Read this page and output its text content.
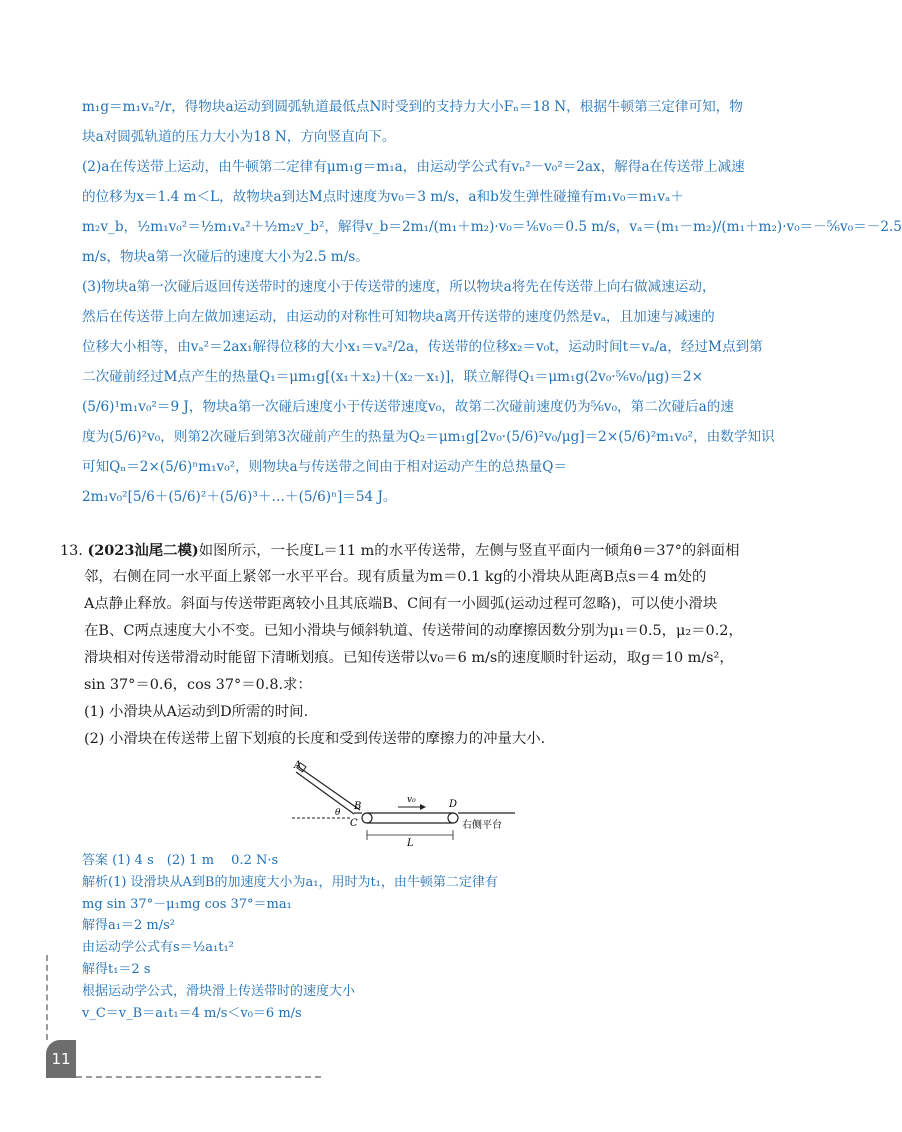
m₁g＝m₁vₙ²/r，得物块a运动到圆弧轨道最低点N时受到的支持力大小Fₙ＝18 N，根据牛顿第三定律可知，物
块a对圆弧轨道的压力大小为18 N，方向竖直向下。
(2)a在传送带上运动，由牛顿第二定律有μm₁g＝m₁a，由运动学公式有vₙ²－v₀²＝2ax，解得a在传送带上减速
的位移为x＝1.4 m＜L，故物块a到达M点时速度为v₀＝3 m/s，a和b发生弹性碰撞有m₁v₀＝m₁vₐ＋
m₂v_b，½m₁v₀²＝½m₁vₐ²＋½m₂v_b²，解得v_b＝2m₁/(m₁＋m₂)·v₀＝⅙v₀＝0.5 m/s，vₐ＝(m₁－m₂)/(m₁＋m₂)·v₀＝－⅚v₀＝－2.5
m/s，物块a第一次碰后的速度大小为2.5 m/s。
(3)物块a第一次碰后返回传送带时的速度小于传送带的速度，所以物块a将先在传送带上向右做减速运动，
然后在传送带上向左做加速运动，由运动的对称性可知物块a离开传送带的速度仍然是vₐ，且加速与减速的
位移大小相等，由vₐ²＝2ax₁解得位移的大小x₁＝vₐ²/2a，传送带的位移x₂＝v₀t，运动时间t＝vₐ/a，经过M点到第
二次碰前经过M点产生的热量Q₁＝μm₁g[(x₁＋x₂)＋(x₂－x₁)]，联立解得Q₁＝μm₁g(2v₀·⅚v₀/μg)＝2×
(5/6)¹m₁v₀²＝9 J，物块a第一次碰后速度小于传送带速度v₀，故第二次碰前速度仍为⅚v₀，第二次碰后a的速
度为(5/6)²v₀，则第2次碰后到第3次碰前产生的热量为Q₂＝μm₁g[2v₀·(5/6)²v₀/μg]＝2×(5/6)²m₁v₀²，由数学知识
可知Qₙ＝2×(5/6)ⁿm₁v₀²，则物块a与传送带之间由于相对运动产生的总热量Q＝
2m₁v₀²[5/6＋(5/6)²＋(5/6)³＋…＋(5/6)ⁿ]＝54 J。
13. (2023汕尾二模)如图所示，一长度L＝11 m的水平传送带，左侧与竖直平面内一倾角θ＝37°的斜面相
邻，右侧在同一水平面上紧邻一水平平台。现有质量为m＝0.1 kg的小滑块从距离B点s＝4 m处的
A点静止释放。斜面与传送带距离较小且其底端B、C间有一小圆弧(运动过程可忽略)，可以使小滑块
在B、C两点速度大小不变。已知小滑块与倾斜轨道、传送带间的动摩擦因数分别为μ₁＝0.5，μ₂＝0.2，
滑块相对传送带滑动时能留下清晰划痕。已知传送带以v₀＝6 m/s的速度顺时针运动，取g＝10 m/s²，
sin 37°＝0.6，cos 37°＝0.8.求：
(1) 小滑块从A运动到D所需的时间.
(2) 小滑块在传送带上留下划痕的长度和受到传送带的摩擦力的冲量大小.
A
θ
B
C
v₀	D
L
右侧平台
答案 (1) 4 s　(2) 1 m　 0.2 N·s
解析(1) 设滑块从A到B的加速度大小为a₁，用时为t₁，由牛顿第二定律有
mg sin 37°－μ₁mg cos 37°＝ma₁
解得a₁＝2 m/s²
由运动学公式有s＝½a₁t₁²
解得t₁＝2 s
根据运动学公式，滑块滑上传送带时的速度大小
v_C＝v_B＝a₁t₁＝4 m/s＜v₀＝6 m/s
11
